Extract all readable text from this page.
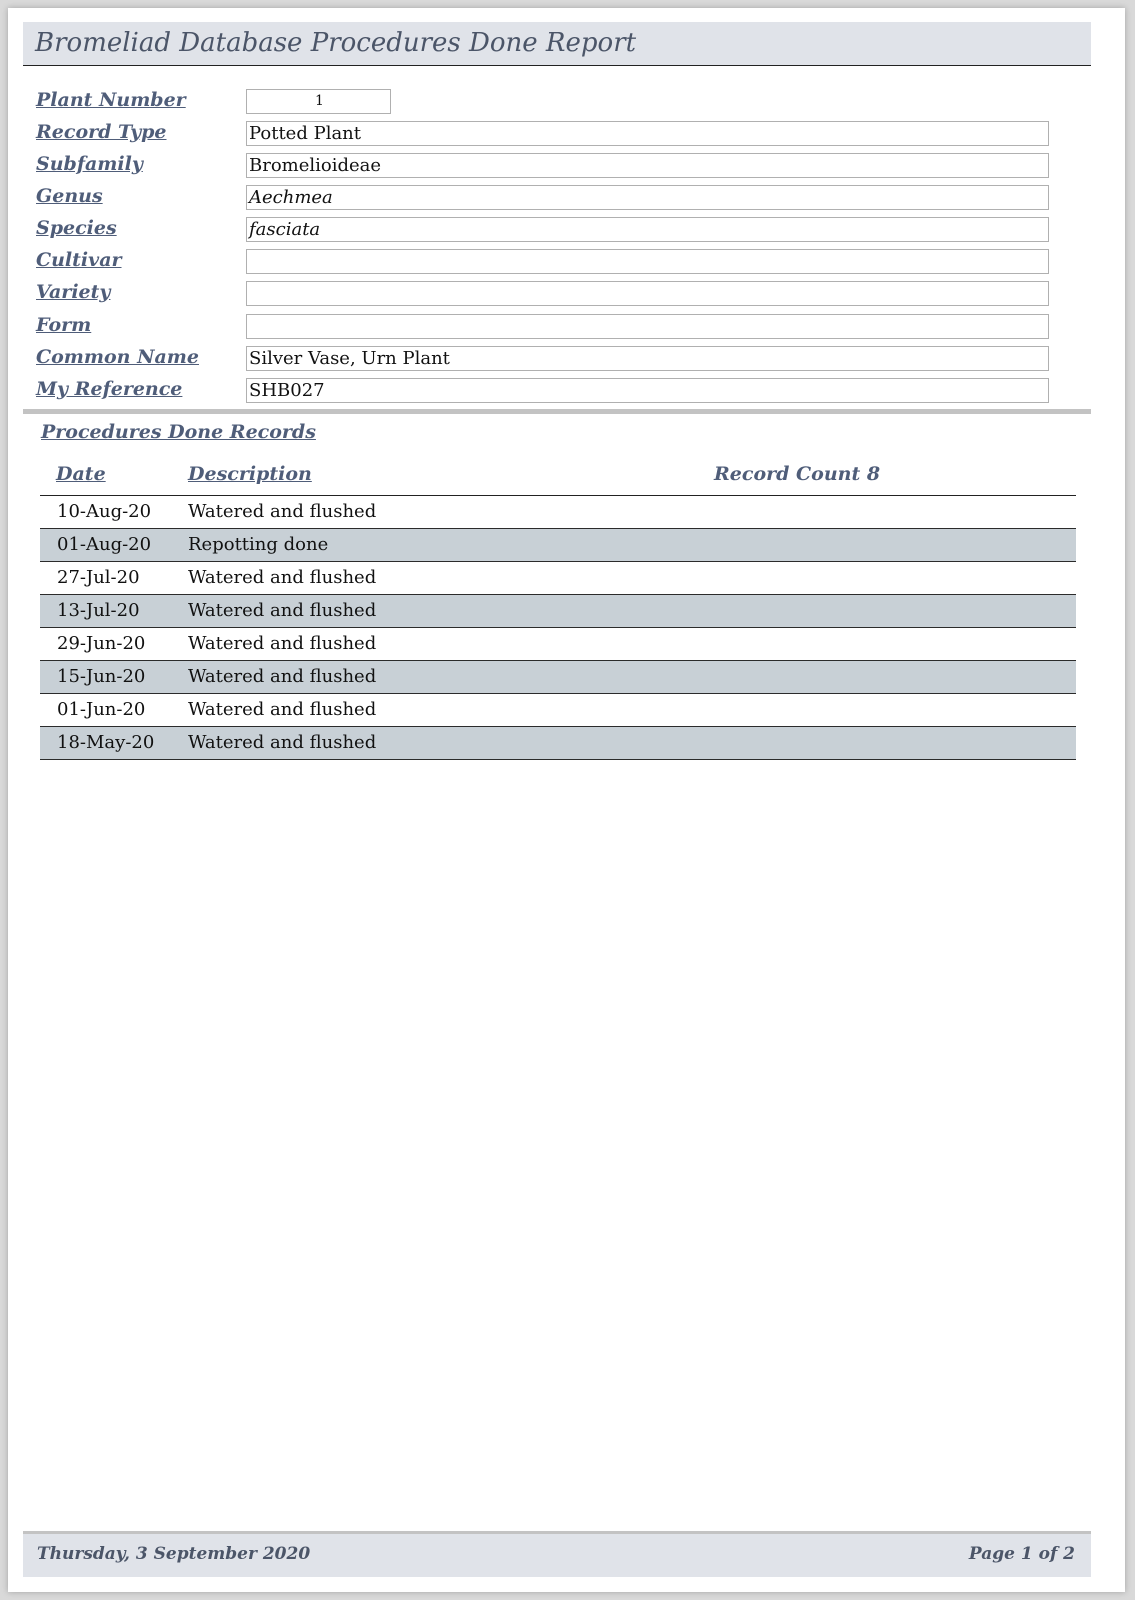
Bromeliad Database Procedures Done Report
Plant Number	1
Record Type	Potted Plant
Subfamily	Bromelioideae
Genus	Aechmea
Species	fasciata
Cultivar
Variety
Form
Common Name	Silver Vase, Urn Plant
My Reference	SHB027
Procedures Done Records
Date	Description	Record Count 8
10-Aug-20 Watered and flushed
01-Aug-20 Repotting done
27-Jul-20	Watered and flushed
13-Jul-20	Watered and flushed
29-Jun-20 Watered and flushed
15-Jun-20 Watered and flushed
01-Jun-20 Watered and flushed
18-May-20 Watered and flushed
Thursday, 3 September 2020	Page 1 of 2
